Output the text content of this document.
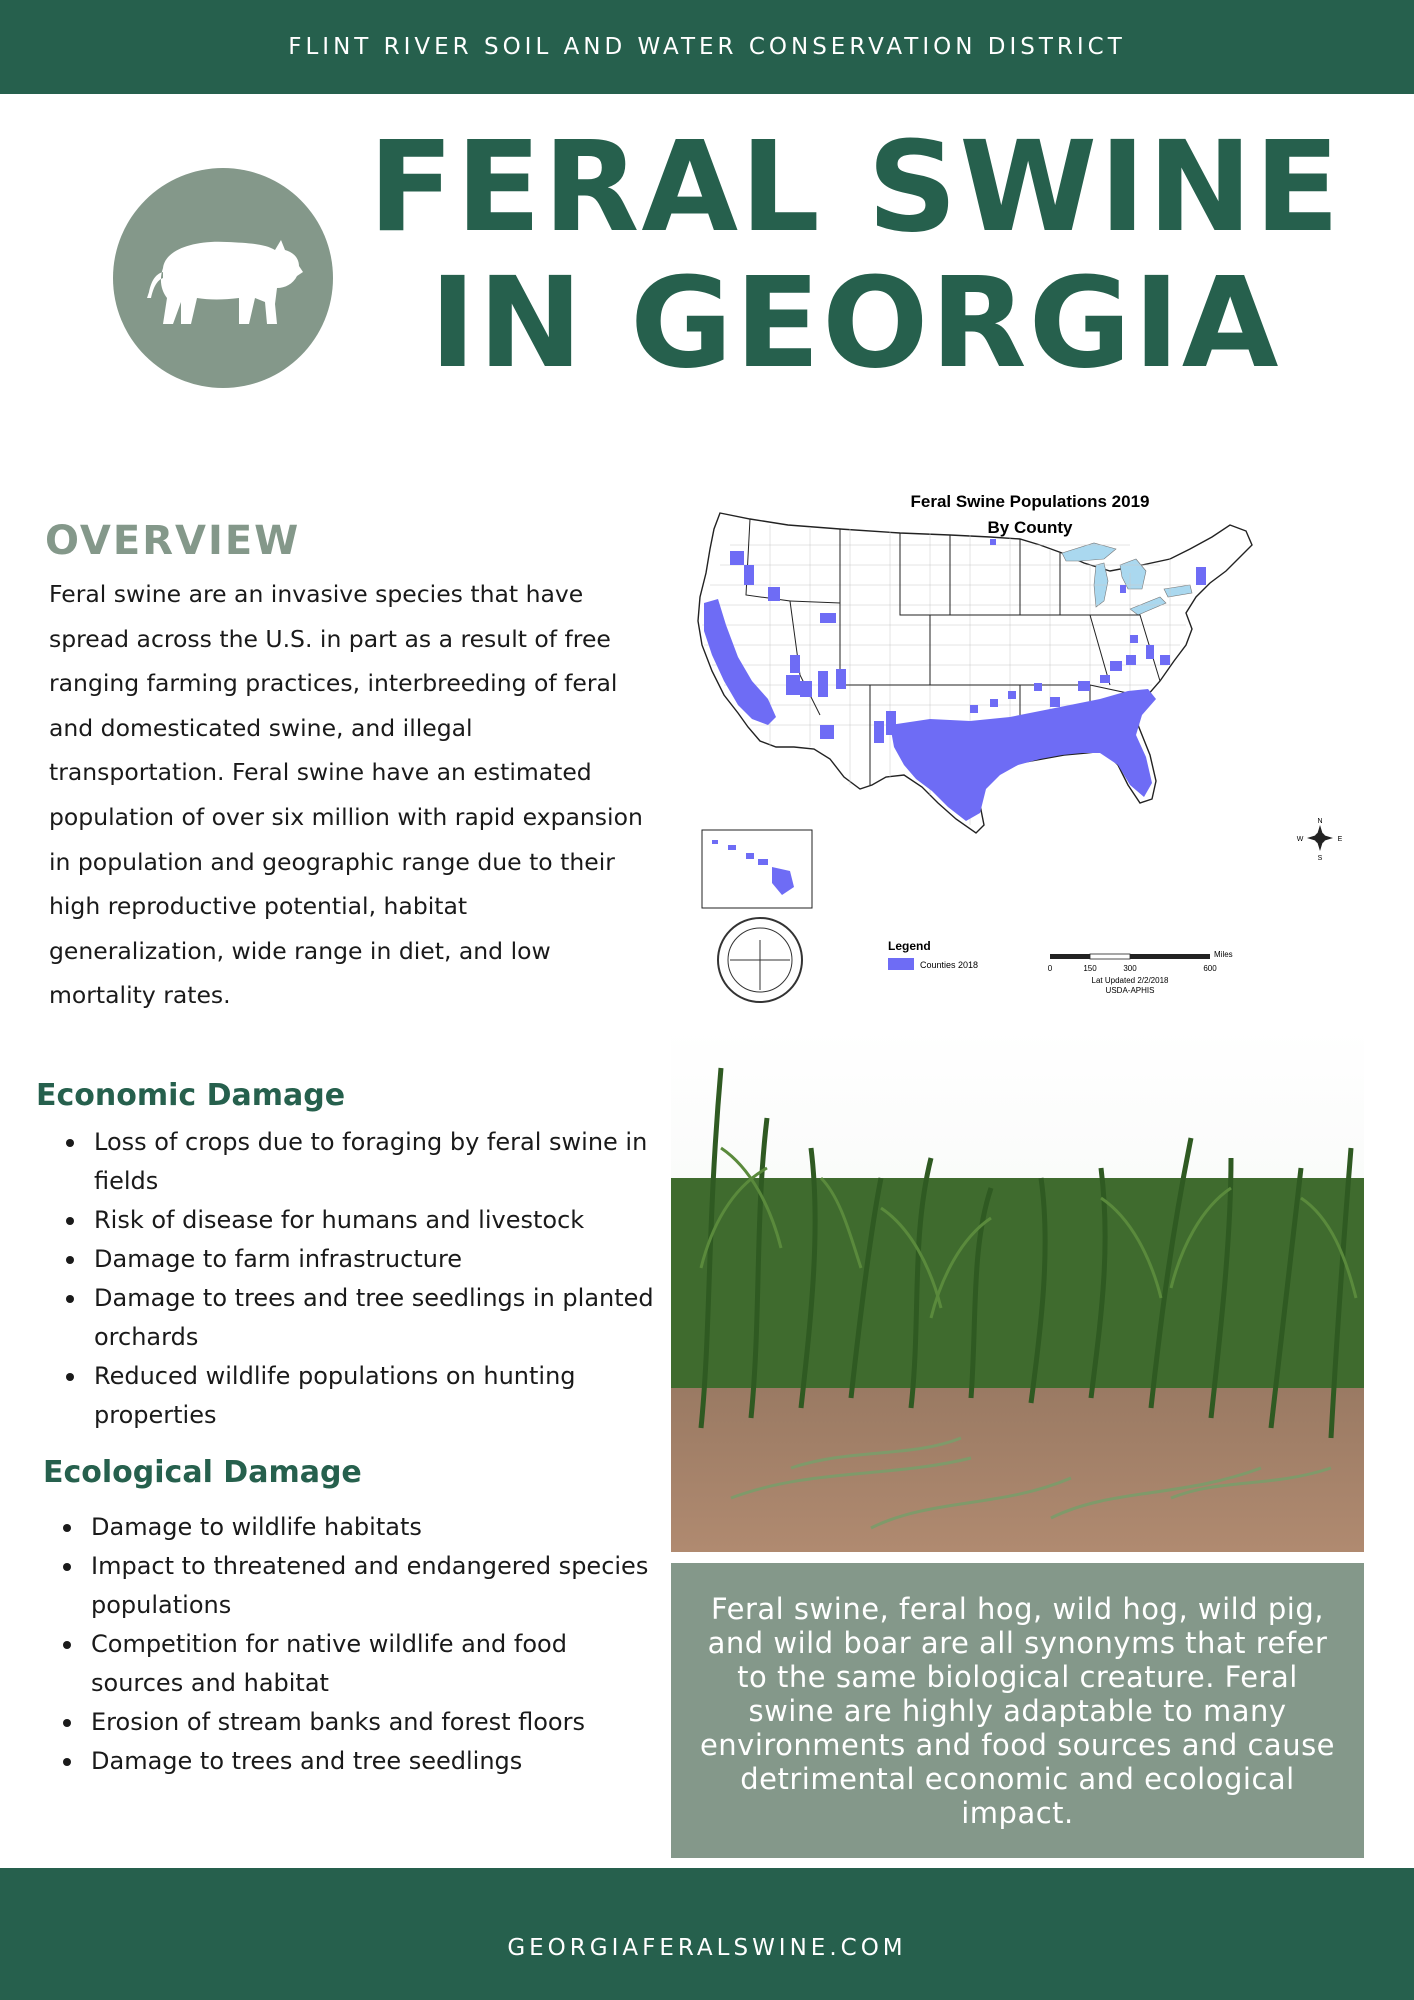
FLINT RIVER SOIL AND WATER CONSERVATION DISTRICT
FERAL SWINE
IN GEORGIA
OVERVIEW

Feral swine are an invasive species that have spread across the U.S. in part as a result of free ranging farming practices, interbreeding of feral and domesticated swine, and illegal transportation. Feral swine have an estimated population of over six million with rapid expansion in population and geographic range due to their high reproductive potential, habitat generalization, wide range in diet, and low mortality rates.

Feral Swine Populations 2019
By County
Legend
Counties 2018	0	150	300	600
Miles
Lat Updated 2/2/2018
USDA-APHIS
N
S
E
W
Economic Damage
Loss of crops due to foraging by feral swine in fields
Risk of disease for humans and livestock
Damage to farm infrastructure
Damage to trees and tree seedlings in planted orchards
Reduced wildlife populations on hunting properties
Ecological Damage
Damage to wildlife habitats
Impact to threatened and endangered species populations
Competition for native wildlife and food sources and habitat
Erosion of stream banks and forest floors
Damage to trees and tree seedlings

Feral swine, feral hog, wild hog, wild pig, and wild boar are all synonyms that refer to the same biological creature. Feral swine are highly adaptable to many environments and food sources and cause detrimental economic and ecological impact.

GEORGIAFERALSWINE.COM
